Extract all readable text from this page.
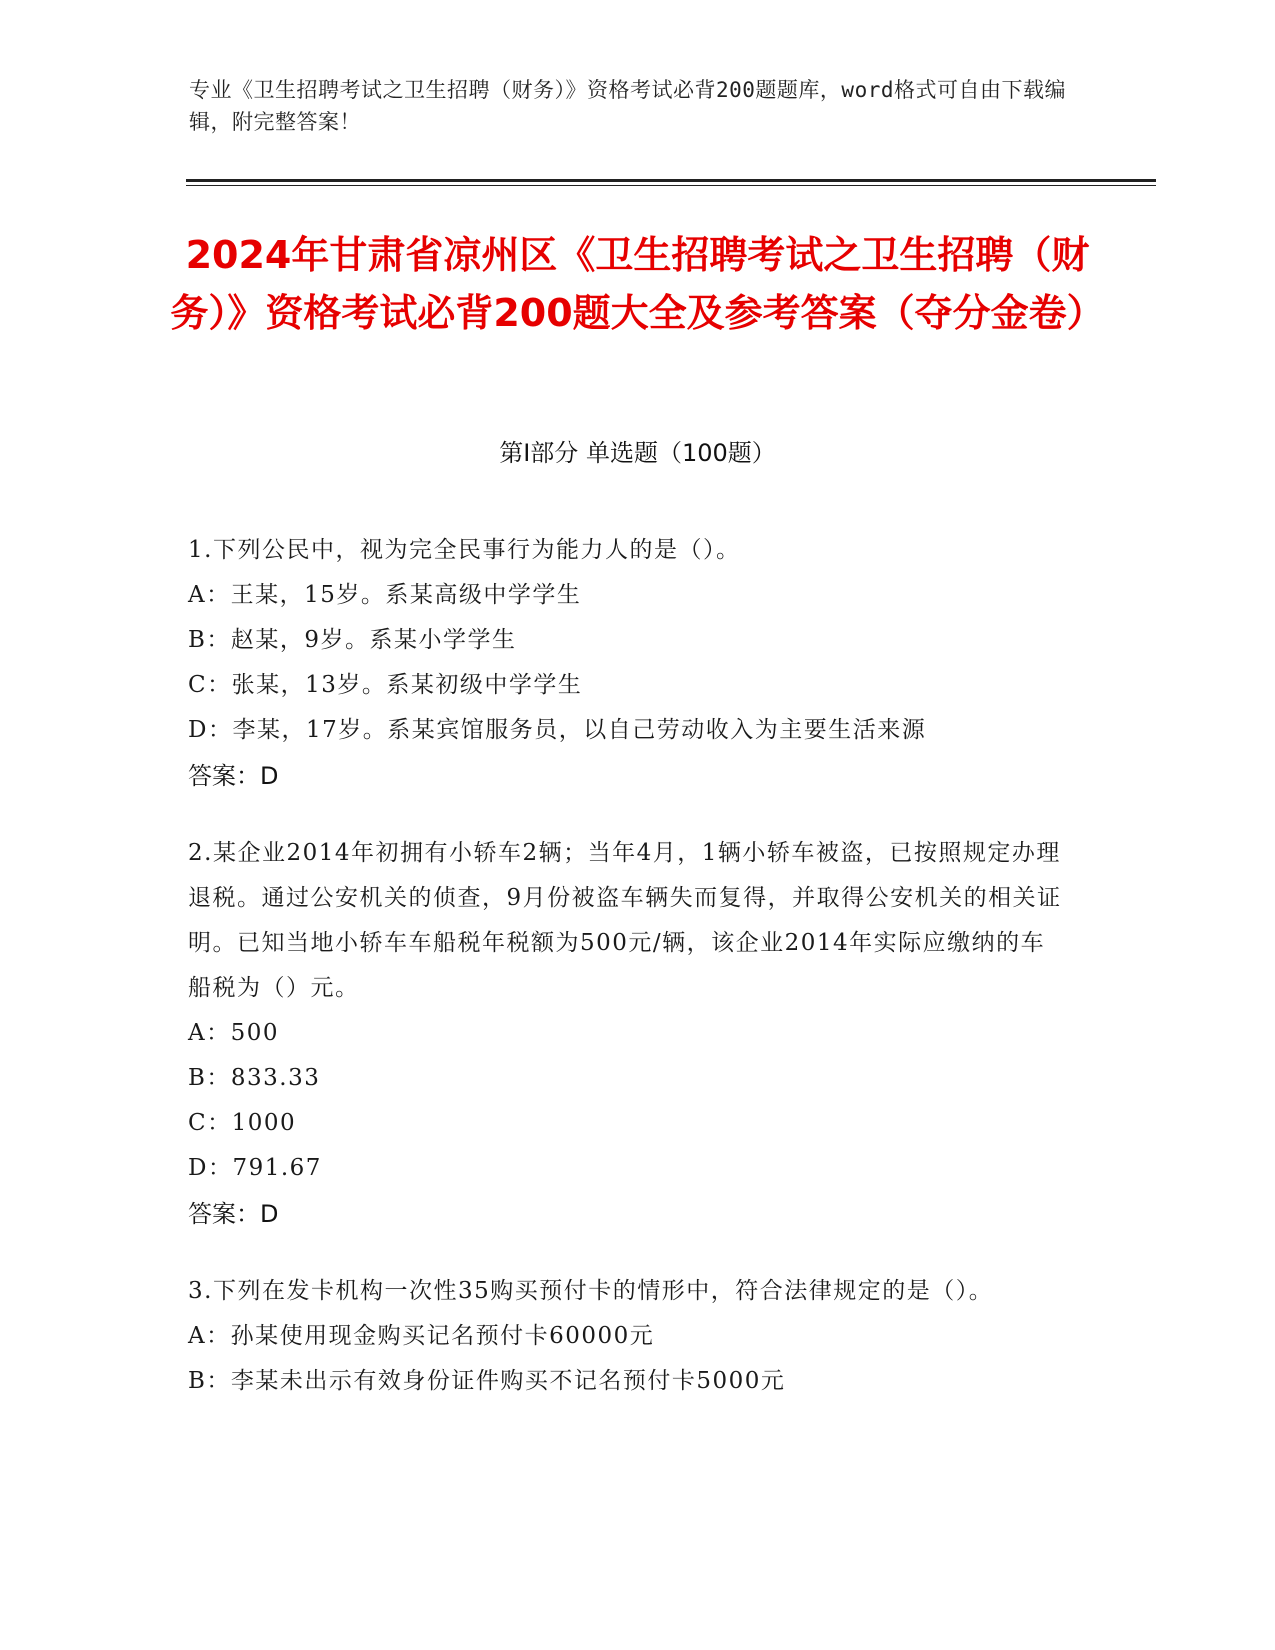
专业《卫生招聘考试之卫生招聘（财务）》资格考试必背200题题库，word格式可自由下载编辑，附完整答案！
2024年甘肃省凉州区《卫生招聘考试之卫生招聘（财务）》资格考试必背200题大全及参考答案（夺分金卷）
第I部分 单选题（100题）

1.下列公民中，视为完全民事行为能力人的是（）。

A：王某，15岁。系某高级中学学生

B：赵某，9岁。系某小学学生

C：张某，13岁。系某初级中学学生

D：李某，17岁。系某宾馆服务员，以自己劳动收入为主要生活来源

答案：D

2.某企业2014年初拥有小轿车2辆；当年4月，1辆小轿车被盗，已按照规定办理退税。通过公安机关的侦查，9月份被盗车辆失而复得，并取得公安机关的相关证明。已知当地小轿车车船税年税额为500元/辆，该企业2014年实际应缴纳的车船税为（）元。

A：500

B：833.33

C：1000

D：791.67

答案：D

3.下列在发卡机构一次性35购买预付卡的情形中，符合法律规定的是（）。

A：孙某使用现金购买记名预付卡60000元

B：李某未出示有效身份证件购买不记名预付卡5000元
